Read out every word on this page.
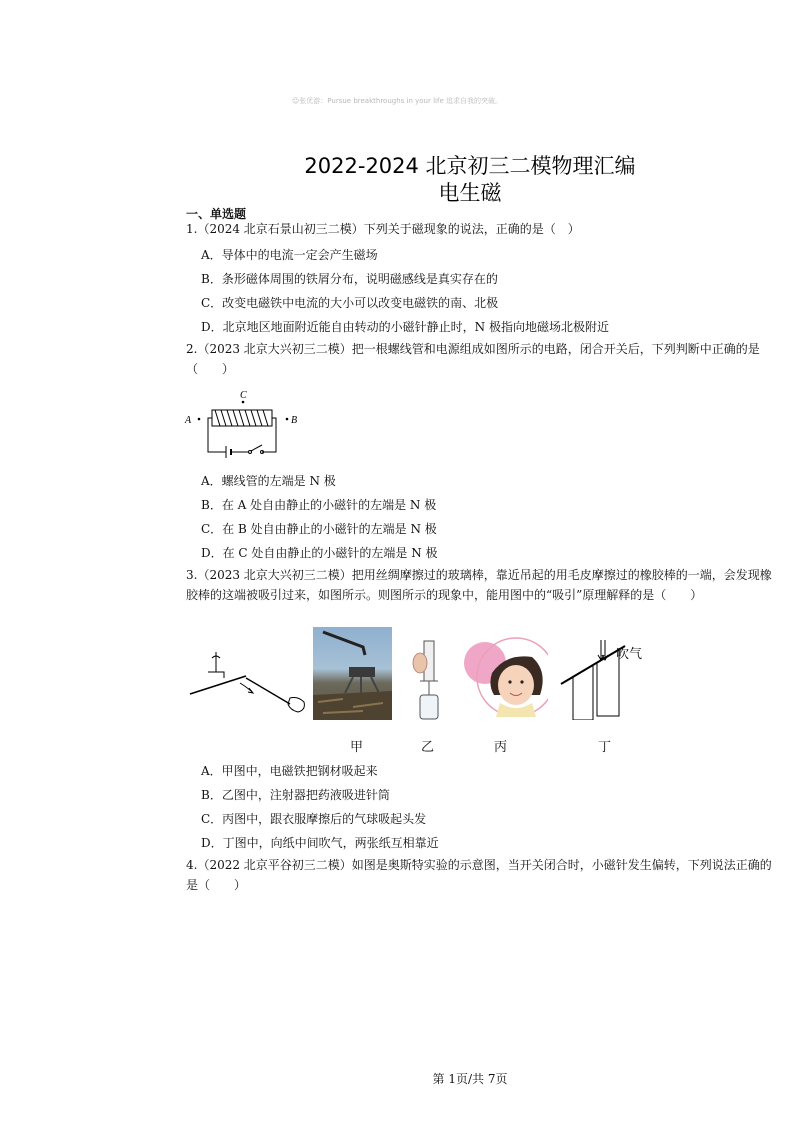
☺张优游：Pursue breakthroughs in your life 追求自我的突破。
2022-2024 北京初三二模物理汇编
电生磁
一、单选题
1.（2024 北京石景山初三二模）下列关于磁现象的说法，正确的是（　）
A．导体中的电流一定会产生磁场
B．条形磁体周围的铁屑分布，说明磁感线是真实存在的
C．改变电磁铁中电流的大小可以改变电磁铁的南、北极
D．北京地区地面附近能自由转动的小磁针静止时，N 极指向地磁场北极附近
2.（2023 北京大兴初三二模）把一根螺线管和电源组成如图所示的电路，闭合开关后，下列判断中正确的是（　　）
C
A	B
A．螺线管的左端是 N 极
B．在 A 处自由静止的小磁针的左端是 N 极
C．在 B 处自由静止的小磁针的左端是 N 极
D．在 C 处自由静止的小磁针的左端是 N 极
3.（2023 北京大兴初三二模）把用丝绸摩擦过的玻璃棒，靠近吊起的用毛皮摩擦过的橡胶棒的一端，会发现橡胶棒的这端被吸引过来，如图所示。则图所示的现象中，能用图中的“吸引”原理解释的是（　　）
吹气
甲	乙	丙	丁
A．甲图中，电磁铁把钢材吸起来
B．乙图中，注射器把药液吸进针筒
C．丙图中，跟衣服摩擦后的气球吸起头发
D．丁图中，向纸中间吹气，两张纸互相靠近
4.（2022 北京平谷初三二模）如图是奥斯特实验的示意图，当开关闭合时，小磁针发生偏转，下列说法正确的是（　　）
第 1页/共 7页
